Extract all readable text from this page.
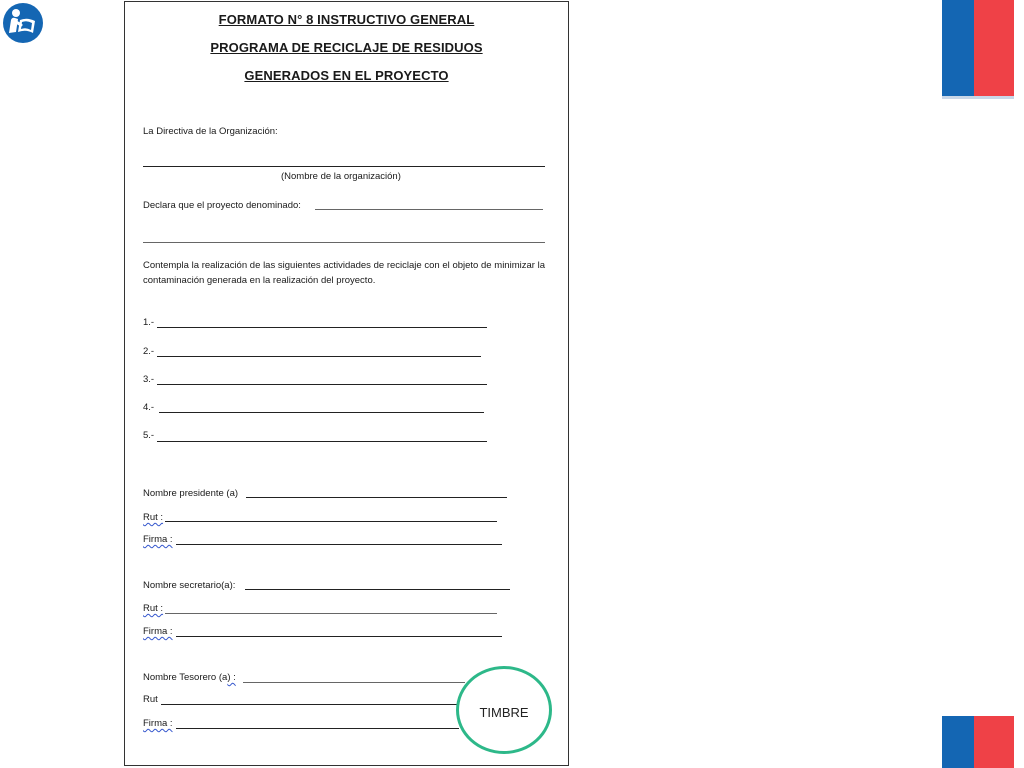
FORMATO N° 8 INSTRUCTIVO GENERAL
PROGRAMA DE RECICLAJE DE RESIDUOS
GENERADOS EN EL PROYECTO
La Directiva de la Organización:
(Nombre de la organización)
Declara que el proyecto denominado:
Contempla la realización de las siguientes actividades de reciclaje con el objeto de minimizar la contaminación generada en la realización del proyecto.
1.-
2.-
3.-
4.-
5.-
Nombre presidente (a)
Rut :
Firma :
Nombre secretario(a):
Rut :
Firma :
Nombre Tesorero (a) :
Rut
Firma :
TIMBRE
